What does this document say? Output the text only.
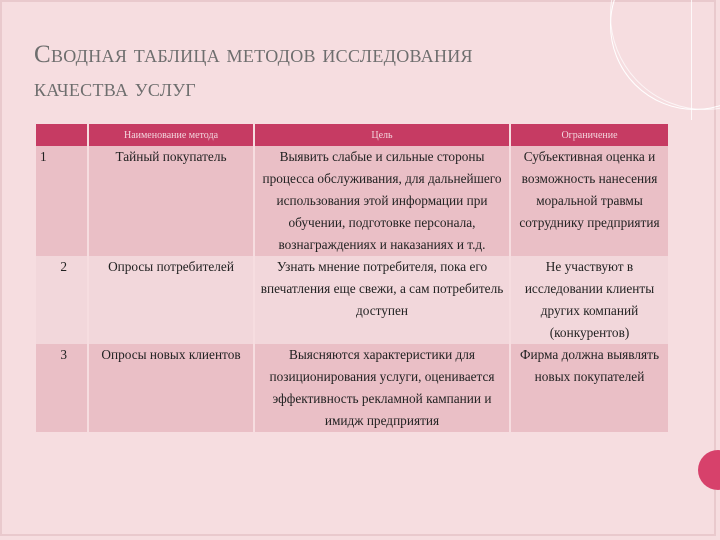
Сводная таблица методов исследования
качества услуг
	Наименование метода	Цель	Ограничение
1	Тайный покупатель	Выявить слабые и сильные стороны процесса обслуживания, для дальнейшего использования этой информации при обучении, подготовке персонала, вознаграждениях и наказаниях и т.д.	Субъективная оценка и возможность нанесения моральной травмы сотруднику предприятия
2	Опросы потребителей	Узнать мнение потребителя, пока его впечатления еще свежи, а сам потребитель доступен	Не участвуют в исследовании клиенты других компаний (конкурентов)
3	Опросы новых клиентов	Выясняются характеристики для позиционирования услуги, оценивается эффективность рекламной кампании и имидж предприятия	Фирма должна выявлять новых покупателей
